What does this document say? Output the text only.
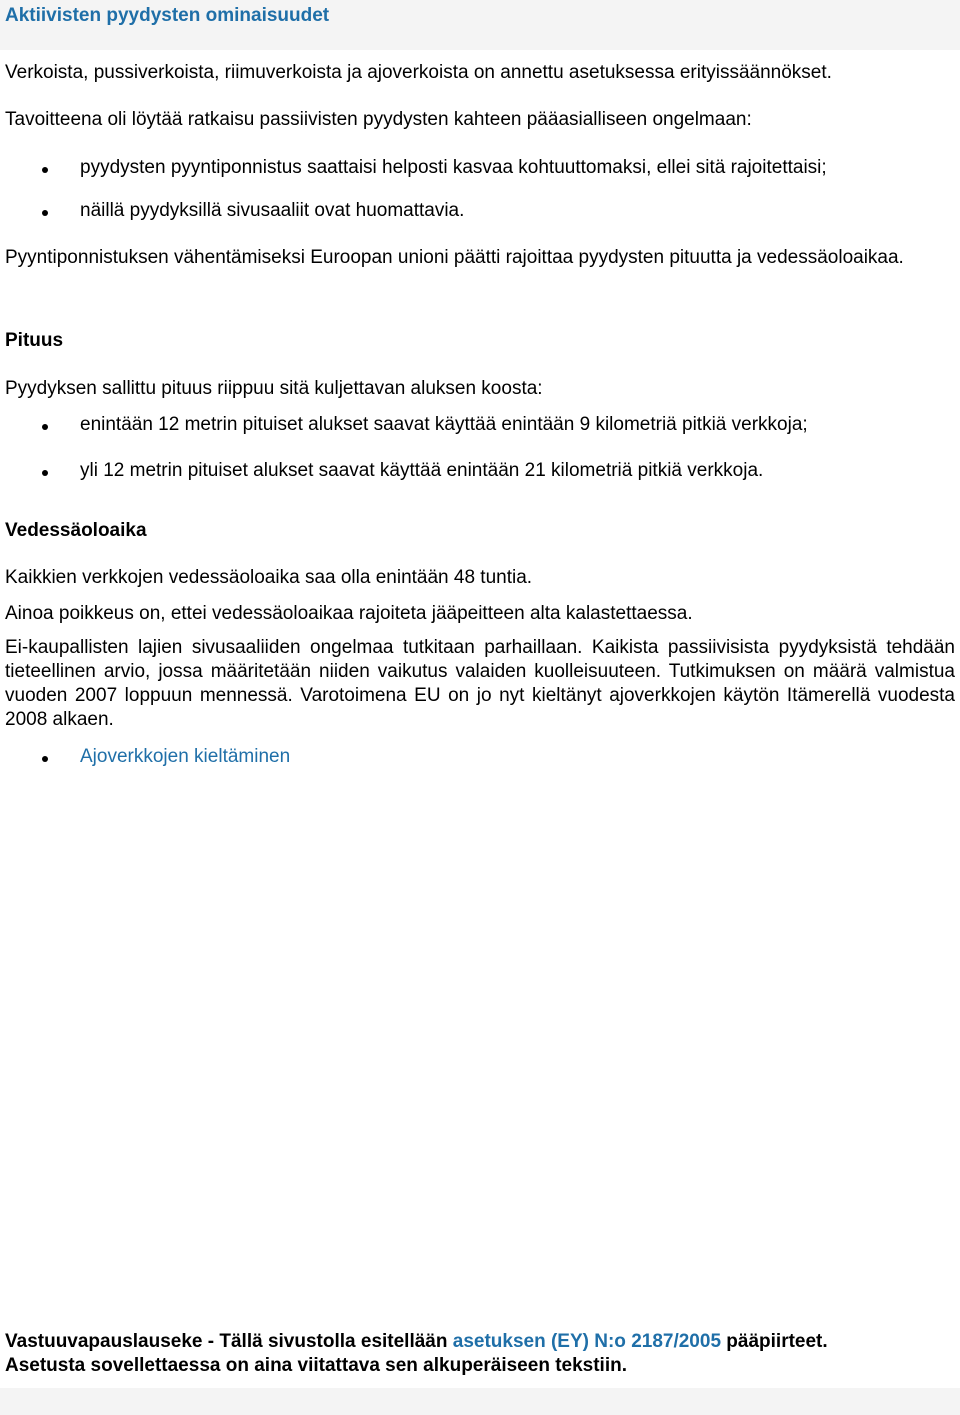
Aktiivisten pyydysten ominaisuudet

Verkoista, pussiverkoista, riimuverkoista ja ajoverkoista on annettu asetuksessa erityissäännökset.

Tavoitteena oli löytää ratkaisu passiivisten pyydysten kahteen pääasialliseen ongelmaan:

pyydysten pyyntiponnistus saattaisi helposti kasvaa kohtuuttomaksi, ellei sitä rajoitettaisi;
näillä pyydyksillä sivusaaliit ovat huomattavia.

Pyyntiponnistuksen vähentämiseksi Euroopan unioni päätti rajoittaa pyydysten pituutta ja vedessäoloaikaa.

Pituus

Pyydyksen sallittu pituus riippuu sitä kuljettavan aluksen koosta:

enintään 12 metrin pituiset alukset saavat käyttää enintään 9 kilometriä pitkiä verkkoja;
yli 12 metrin pituiset alukset saavat käyttää enintään 21 kilometriä pitkiä verkkoja.
Vedessäoloaika

Kaikkien verkkojen vedessäoloaika saa olla enintään 48 tuntia.

Ainoa poikkeus on, ettei vedessäoloaikaa rajoiteta jääpeitteen alta kalastettaessa.

Ei-kaupallisten lajien sivusaaliiden ongelmaa tutkitaan parhaillaan. Kaikista passiivisista pyydyksistä tehdään tieteellinen arvio, jossa määritetään niiden vaikutus valaiden kuolleisuuteen. Tutkimuksen on määrä valmistua vuoden 2007 loppuun mennessä. Varotoimena EU on jo nyt kieltänyt ajoverkkojen käytön Itämerellä vuodesta 2008 alkaen.

Ajoverkkojen kieltäminen
Vastuuvapauslauseke - Tällä sivustolla esitellään asetuksen (EY) N:o 2187/2005 pääpiirteet.
Asetusta sovellettaessa on aina viitattava sen alkuperäiseen tekstiin.
